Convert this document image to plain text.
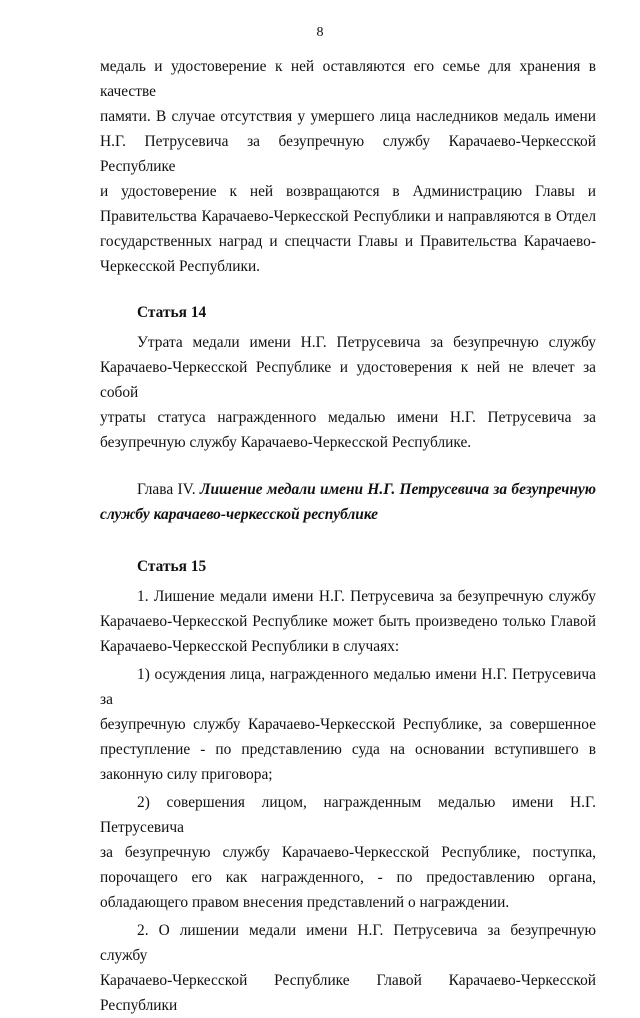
8

медаль и удостоверение к ней оставляются его семье для хранения в качестве

памяти. В случае отсутствия у умершего лица наследников медаль имени

Н.Г. Петрусевича за безупречную службу Карачаево-Черкесской Республике

и удостоверение к ней возвращаются в Администрацию Главы и

Правительства Карачаево-Черкесской Республики и направляются в Отдел

государственных наград и спецчасти Главы и Правительства Карачаево-

Черкесской Республики.

Статья 14

Утрата медали имени Н.Г. Петрусевича за безупречную службу

Карачаево-Черкесской Республике и удостоверения к ней не влечет за собой

утраты статуса награжденного медалью имени Н.Г. Петрусевича за

безупречную службу Карачаево-Черкесской Республике.

Глава IV. Лишение медали имени Н.Г. Петрусевича за безупречную

службу карачаево-черкесской республике

Статья 15

1. Лишение медали имени Н.Г. Петрусевича за безупречную службу

Карачаево-Черкесской Республике может быть произведено только Главой

Карачаево-Черкесской Республики в случаях:

1) осуждения лица, награжденного медалью имени Н.Г. Петрусевича за

безупречную службу Карачаево-Черкесской Республике, за совершенное

преступление - по представлению суда на основании вступившего в

законную силу приговора;

2) совершения лицом, награжденным медалью имени Н.Г. Петрусевича

за безупречную службу Карачаево-Черкесской Республике, поступка,

порочащего его как награжденного, - по предоставлению органа,

обладающего правом внесения представлений о награждении.

2. О лишении медали имени Н.Г. Петрусевича за безупречную службу

Карачаево-Черкесской Республике Главой Карачаево-Черкесской Республики
